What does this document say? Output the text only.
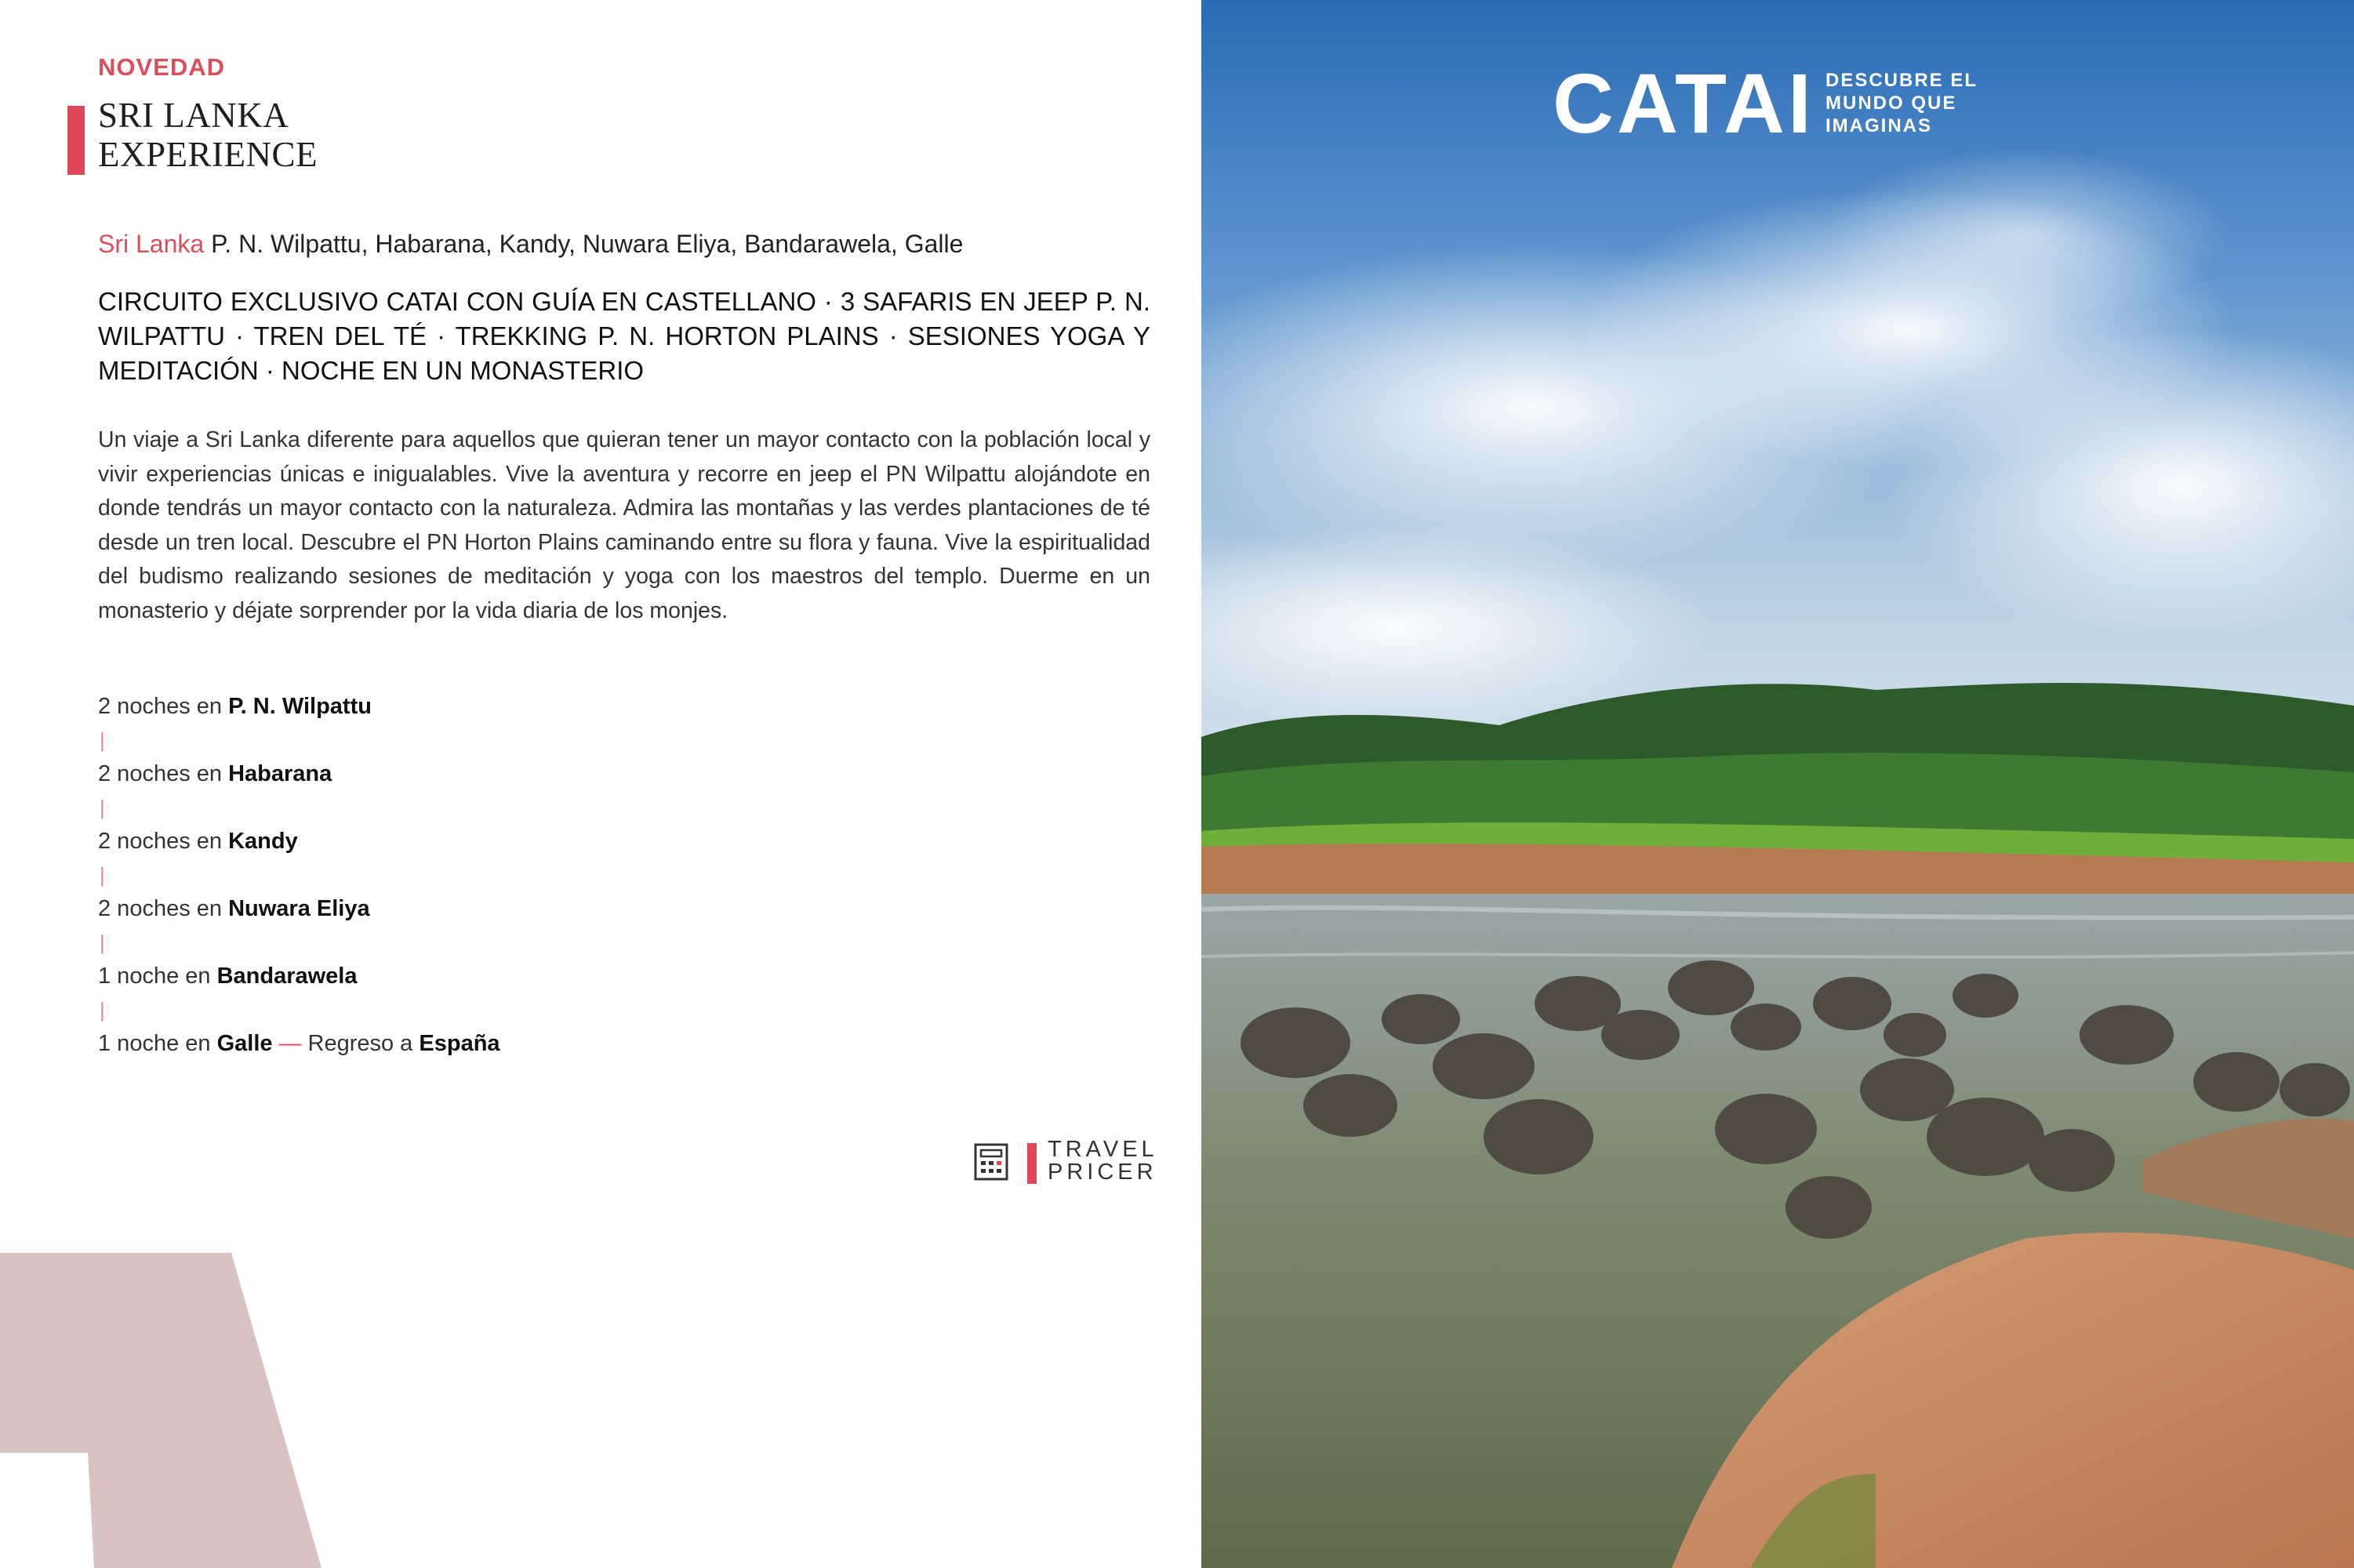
NOVEDAD
SRI LANKA
EXPERIENCE
Sri Lanka P. N. Wilpattu, Habarana, Kandy, Nuwara Eliya, Bandarawela, Galle
CIRCUITO EXCLUSIVO CATAI CON GUÍA EN CASTELLANO · 3 SAFARIS EN JEEP P. N. WILPATTU · TREN DEL TÉ · TREKKING P. N. HORTON PLAINS · SESIONES YOGA Y MEDITACIÓN · NOCHE EN UN MONASTERIO
Un viaje a Sri Lanka diferente para aquellos que quieran tener un mayor contacto con la población local y vivir experiencias únicas e inigualables. Vive la aventura y recorre en jeep el PN Wilpattu alojándote en donde tendrás un mayor contacto con la naturaleza. Admira las montañas y las verdes plantaciones de té desde un tren local. Descubre el PN Horton Plains caminando entre su flora y fauna. Vive la espiritualidad del budismo realizando sesiones de meditación y yoga con los maestros del templo. Duerme en un monasterio y déjate sorprender por la vida diaria de los monjes.
2 noches en P. N. Wilpattu
|
2 noches en Habarana
|
2 noches en Kandy
|
2 noches en Nuwara Eliya
|
1 noche en Bandarawela
|
1 noche en Galle — Regreso a España
TRAVEL
PRICER
CATAI DESCUBRE EL
MUNDO QUE
IMAGINAS
